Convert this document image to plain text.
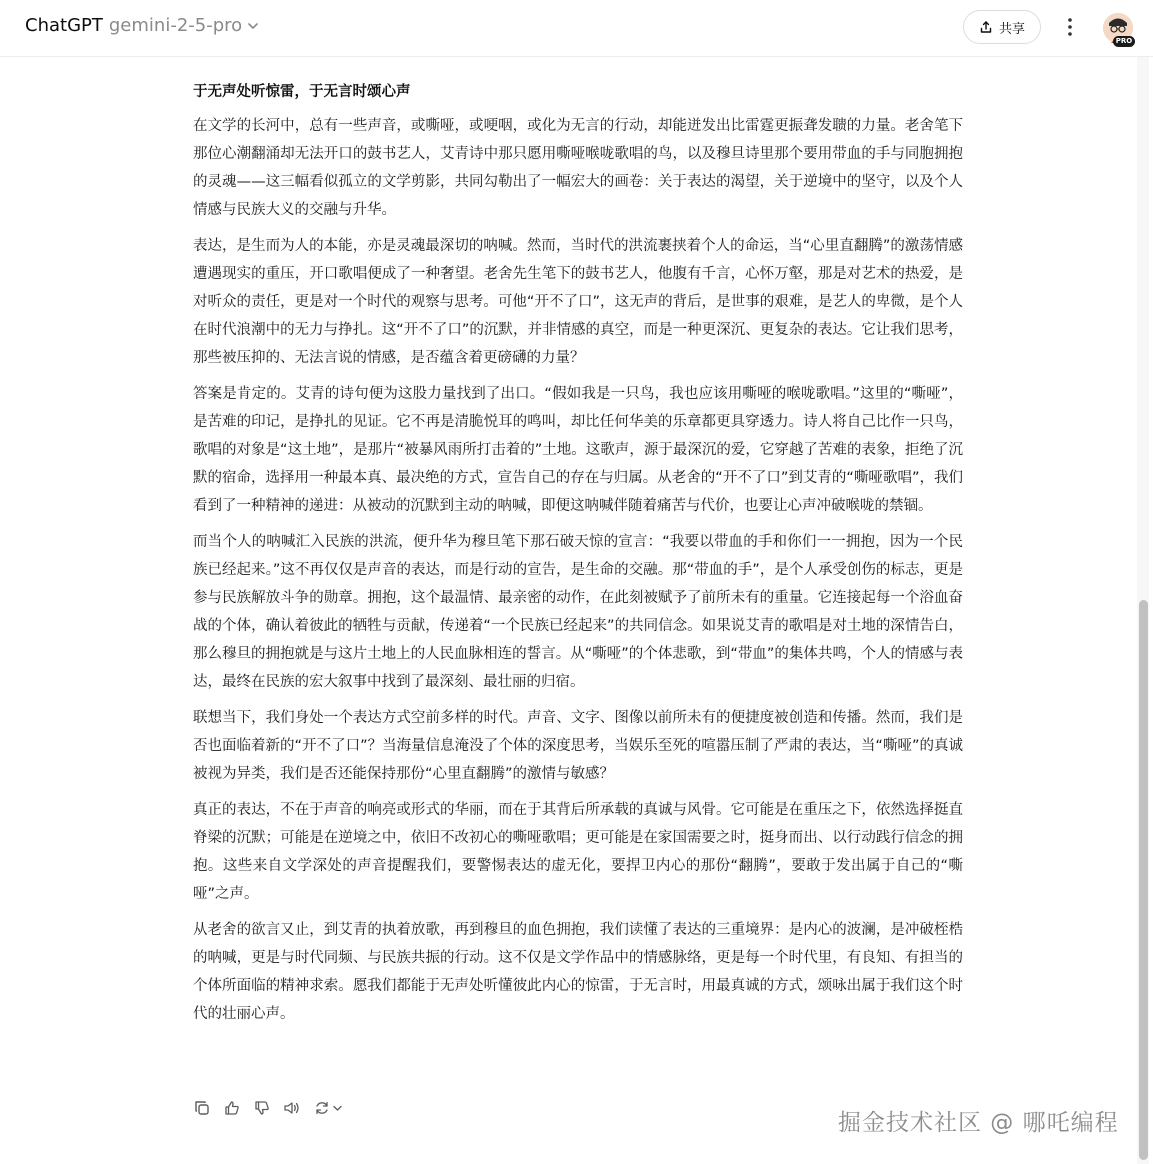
ChatGPT gemini-2-5-pro	共享
PRO
于无声处听惊雷，于无言时颂心声

在文学的长河中，总有一些声音，或嘶哑，或哽咽，或化为无言的行动，却能迸发出比雷霆更振聋发聩的力量。老舍笔下那位心潮翻涌却无法开口的鼓书艺人，艾青诗中那只愿用嘶哑喉咙歌唱的鸟，以及穆旦诗里那个要用带血的手与同胞拥抱的灵魂——这三幅看似孤立的文学剪影，共同勾勒出了一幅宏大的画卷：关于表达的渴望，关于逆境中的坚守，以及个人情感与民族大义的交融与升华。

表达，是生而为人的本能，亦是灵魂最深切的呐喊。然而，当时代的洪流裹挟着个人的命运，当“心里直翻腾”的激荡情感遭遇现实的重压，开口歌唱便成了一种奢望。老舍先生笔下的鼓书艺人，他腹有千言，心怀万壑，那是对艺术的热爱，是对听众的责任，更是对一个时代的观察与思考。可他“开不了口”，这无声的背后，是世事的艰难，是艺人的卑微，是个人在时代浪潮中的无力与挣扎。这“开不了口”的沉默，并非情感的真空，而是一种更深沉、更复杂的表达。它让我们思考，那些被压抑的、无法言说的情感，是否蕴含着更磅礴的力量？

答案是肯定的。艾青的诗句便为这股力量找到了出口。“假如我是一只鸟，我也应该用嘶哑的喉咙歌唱。”这里的“嘶哑”，是苦难的印记，是挣扎的见证。它不再是清脆悦耳的鸣叫，却比任何华美的乐章都更具穿透力。诗人将自己比作一只鸟，歌唱的对象是“这土地”，是那片“被暴风雨所打击着的”土地。这歌声，源于最深沉的爱，它穿越了苦难的表象，拒绝了沉默的宿命，选择用一种最本真、最决绝的方式，宣告自己的存在与归属。从老舍的“开不了口”到艾青的“嘶哑歌唱”，我们看到了一种精神的递进：从被动的沉默到主动的呐喊，即便这呐喊伴随着痛苦与代价，也要让心声冲破喉咙的禁锢。

而当个人的呐喊汇入民族的洪流，便升华为穆旦笔下那石破天惊的宣言：“我要以带血的手和你们一一拥抱，因为一个民族已经起来。”这不再仅仅是声音的表达，而是行动的宣告，是生命的交融。那“带血的手”，是个人承受创伤的标志，更是参与民族解放斗争的勋章。拥抱，这个最温情、最亲密的动作，在此刻被赋予了前所未有的重量。它连接起每一个浴血奋战的个体，确认着彼此的牺牲与贡献，传递着“一个民族已经起来”的共同信念。如果说艾青的歌唱是对土地的深情告白，那么穆旦的拥抱就是与这片土地上的人民血脉相连的誓言。从“嘶哑”的个体悲歌，到“带血”的集体共鸣，个人的情感与表达，最终在民族的宏大叙事中找到了最深刻、最壮丽的归宿。

联想当下，我们身处一个表达方式空前多样的时代。声音、文字、图像以前所未有的便捷度被创造和传播。然而，我们是否也面临着新的“开不了口”？当海量信息淹没了个体的深度思考，当娱乐至死的喧嚣压制了严肃的表达，当“嘶哑”的真诚被视为异类，我们是否还能保持那份“心里直翻腾”的激情与敏感？

真正的表达，不在于声音的响亮或形式的华丽，而在于其背后所承载的真诚与风骨。它可能是在重压之下，依然选择挺直脊梁的沉默；可能是在逆境之中，依旧不改初心的嘶哑歌唱；更可能是在家国需要之时，挺身而出、以行动践行信念的拥抱。这些来自文学深处的声音提醒我们，要警惕表达的虚无化，要捍卫内心的那份“翻腾”，要敢于发出属于自己的“嘶哑”之声。

从老舍的欲言又止，到艾青的执着放歌，再到穆旦的血色拥抱，我们读懂了表达的三重境界：是内心的波澜，是冲破桎梏的呐喊，更是与时代同频、与民族共振的行动。这不仅是文学作品中的情感脉络，更是每一个时代里，有良知、有担当的个体所面临的精神求索。愿我们都能于无声处听懂彼此内心的惊雷，于无言时，用最真诚的方式，颂咏出属于我们这个时代的壮丽心声。

掘金技术社区 @ 哪吒编程
